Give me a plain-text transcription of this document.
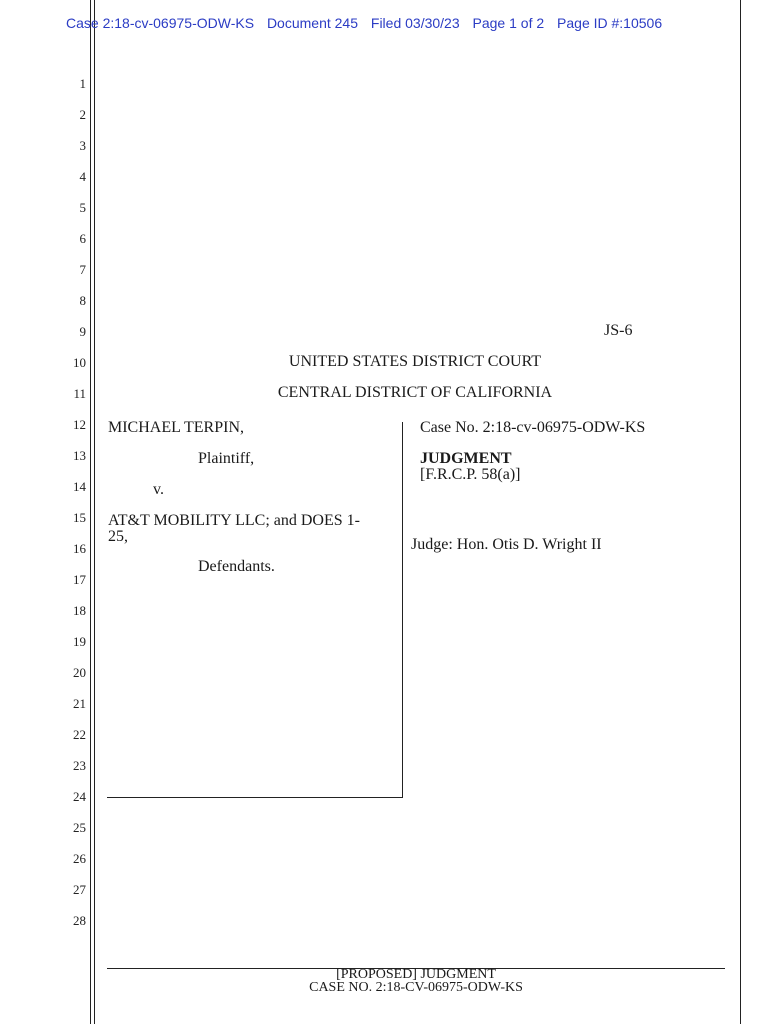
Case 2:18-cv-06975-ODW-KS Document 245 Filed 03/30/23 Page 1 of 2 Page ID #:10506
1
2
3
4
5
6
7
8
9
10
11
12
13
14
15
16
17
18
19
20
21
22
23
24
25
26
27
28
JS-6
UNITED STATES DISTRICT COURT
CENTRAL DISTRICT OF CALIFORNIA
MICHAEL TERPIN,
Plaintiff,
v.
AT&T MOBILITY LLC; and DOES 1-
25,
Defendants.
Case No. 2:18-cv-06975-ODW-KS
JUDGMENT
[F.R.C.P. 58(a)]
Judge: Hon. Otis D. Wright II
[PROPOSED] JUDGMENT
CASE NO. 2:18-CV-06975-ODW-KS
